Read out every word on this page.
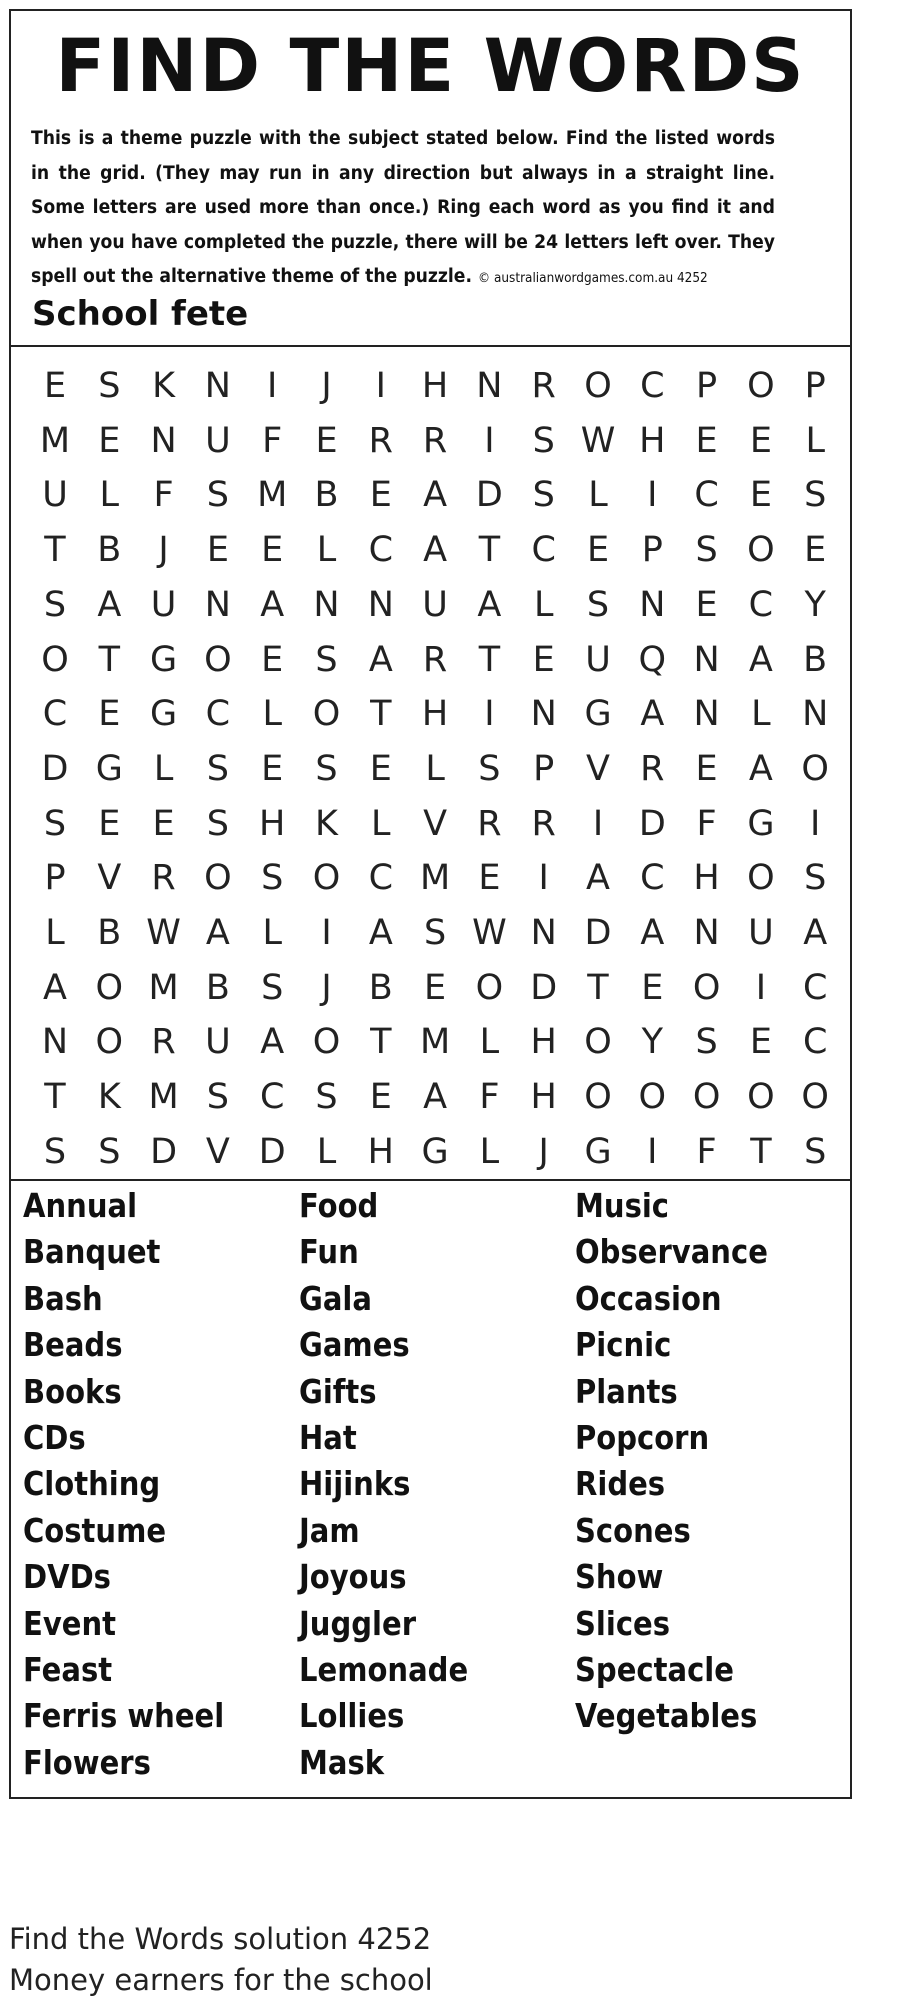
FIND THE WORDS
This is a theme puzzle with the subject stated below. Find the listed words in the grid. (They may run in any direction but always in a straight line. Some letters are used more than once.) Ring each word as you find it and when you have completed the puzzle, there will be 24 letters left over. They spell out the alternative theme of the puzzle. © australianwordgames.com.au 4252
School fete
E S K N	I	J	I	H N R O C P O P
M E N U F E R R	I	S W H E E L
U L F S M B E A D S L	I	C E S
T B	J	E E L C A T C E P S O E
S A U N A N N U A L S N E C Y
O T G O E S A R T E U Q N A B
C E G C L O T H	I	N G A N L N
D G L S E S E L S P V R E A O
S E E S H K L V R R	I	D F G	I
P V R O S O C M E	I	A C H O S
L B W A L	I	A S W N D A N U A
A O M B S	J	B E O D T E O	I	C
N O R U A O T M L H O Y S E C
T K M S C S E A F H O O O O O
S S D V D L H G L	J	G	I	F T S
Annual
Banquet
Bash
Beads
Books
CDs
Clothing
Costume
DVDs
Event
Feast
Ferris wheel
Flowers
Food
Fun
Gala
Games
Gifts
Hat
Hijinks
Jam
Joyous
Juggler
Lemonade
Lollies
Mask
Music
Observance
Occasion
Picnic
Plants
Popcorn
Rides
Scones
Show
Slices
Spectacle
Vegetables
Find the Words solution 4252
Money earners for the school
